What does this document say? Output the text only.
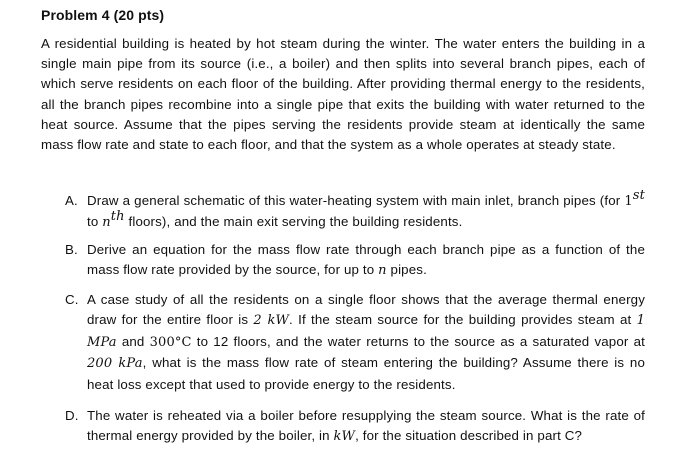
Problem 4 (20 pts)

A residential building is heated by hot steam during the winter. The water enters the building in a single main pipe from its source (i.e., a boiler) and then splits into several branch pipes, each of which serve residents on each floor of the building. After providing thermal energy to the residents, all the branch pipes recombine into a single pipe that exits the building with water returned to the heat source. Assume that the pipes serving the residents provide steam at identically the same mass flow rate and state to each floor, and that the system as a whole operates at steady state.

A. Draw a general schematic of this water-heating system with main inlet, branch pipes (for 1st to $n^{th}$ floors), and the main exit serving the building residents.
B. Derive an equation for the mass flow rate through each branch pipe as a function of the mass flow rate provided by the source, for up to n pipes.
C. A case study of all the residents on a single floor shows that the average thermal energy draw for the entire floor is 2 kW. If the steam source for the building provides steam at 1 MPa and 300°C to 12 floors, and the water returns to the source as a saturated vapor at 200 kPa, what is the mass flow rate of steam entering the building? Assume there is no heat loss except that used to provide energy to the residents.
D. The water is reheated via a boiler before resupplying the steam source. What is the rate of thermal energy provided by the boiler, in kW, for the situation described in part C?
